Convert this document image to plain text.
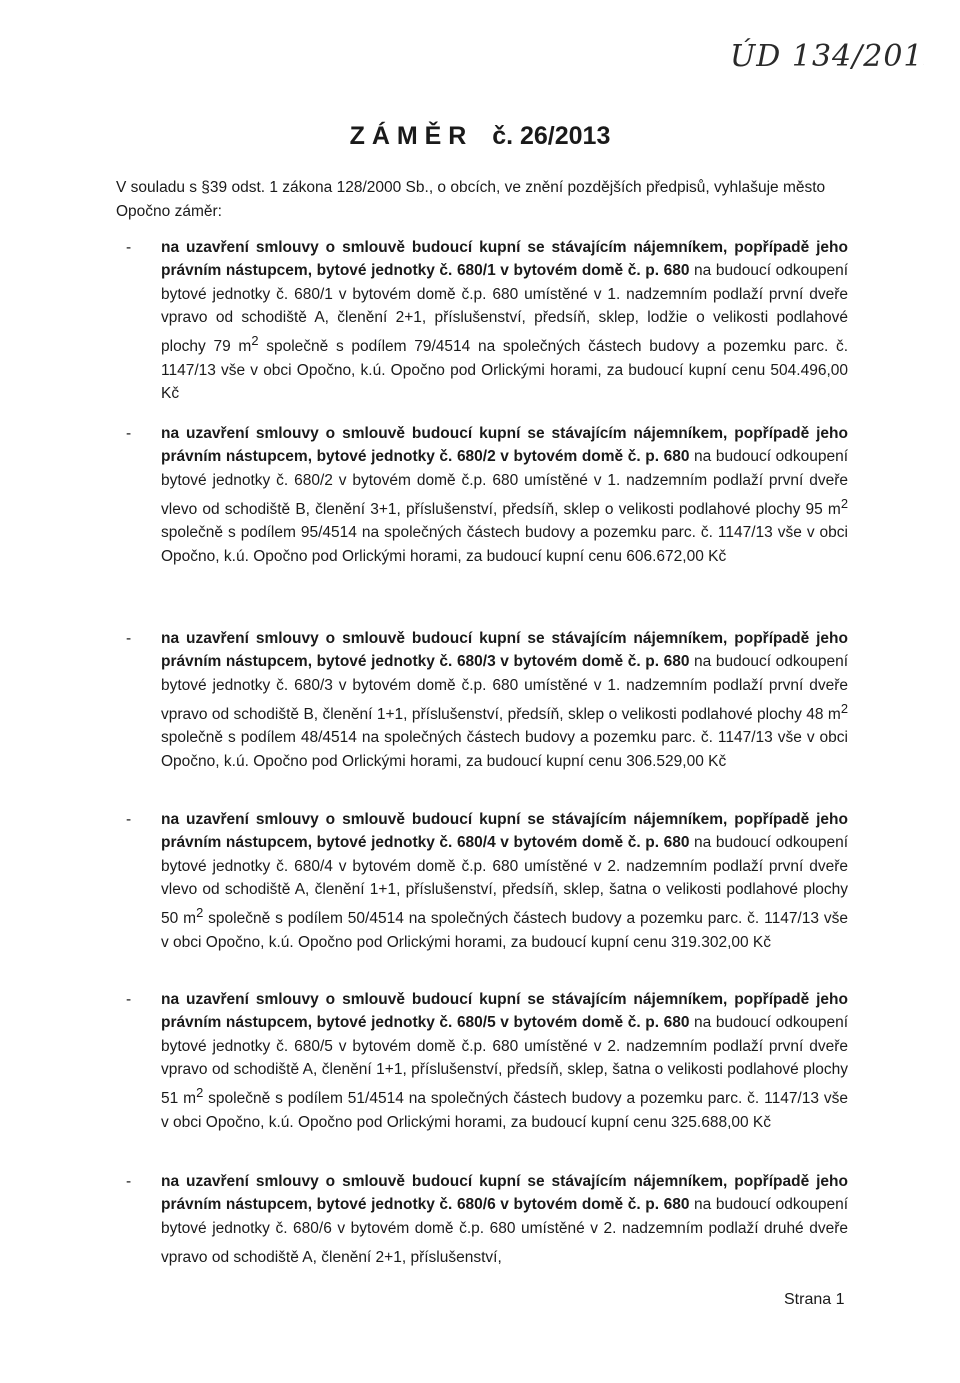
ÚD 134/2013
Z Á M Ě R č. 26/2013

V souladu s §39 odst. 1 zákona 128/2000 Sb., o obcích, ve znění pozdějších předpisů, vyhlašuje město Opočno záměr:

- na uzavření smlouvy o smlouvě budoucí kupní se stávajícím nájemníkem, popřípadě jeho právním nástupcem, bytové jednotky č. 680/1 v bytovém domě č. p. 680 na budoucí odkoupení bytové jednotky č. 680/1 v bytovém domě č.p. 680 umístěné v 1. nadzemním podlaží první dveře vpravo od schodiště A, členění 2+1, příslušenství, předsíň, sklep, lodžie o velikosti podlahové plochy 79 $m^2$ společně s podílem 79/4514 na společných částech budovy a pozemku parc. č. 1147/13 vše v obci Opočno, k.ú. Opočno pod Orlickými horami, za budoucí kupní cenu 504.496,00 Kč
- na uzavření smlouvy o smlouvě budoucí kupní se stávajícím nájemníkem, popřípadě jeho právním nástupcem, bytové jednotky č. 680/2 v bytovém domě č. p. 680 na budoucí odkoupení bytové jednotky č. 680/2 v bytovém domě č.p. 680 umístěné v 1. nadzemním podlaží první dveře vlevo od schodiště B, členění 3+1, příslušenství, předsíň, sklep o velikosti podlahové plochy 95 $m^2$ společně s podílem 95/4514 na společných částech budovy a pozemku parc. č. 1147/13 vše v obci Opočno, k.ú. Opočno pod Orlickými horami, za budoucí kupní cenu 606.672,00 Kč
- na uzavření smlouvy o smlouvě budoucí kupní se stávajícím nájemníkem, popřípadě jeho právním nástupcem, bytové jednotky č. 680/3 v bytovém domě č. p. 680 na budoucí odkoupení bytové jednotky č. 680/3 v bytovém domě č.p. 680 umístěné v 1. nadzemním podlaží první dveře vpravo od schodiště B, členění 1+1, příslušenství, předsíň, sklep o velikosti podlahové plochy 48 $m^2$ společně s podílem 48/4514 na společných částech budovy a pozemku parc. č. 1147/13 vše v obci Opočno, k.ú. Opočno pod Orlickými horami, za budoucí kupní cenu 306.529,00 Kč
- na uzavření smlouvy o smlouvě budoucí kupní se stávajícím nájemníkem, popřípadě jeho právním nástupcem, bytové jednotky č. 680/4 v bytovém domě č. p. 680 na budoucí odkoupení bytové jednotky č. 680/4 v bytovém domě č.p. 680 umístěné v 2. nadzemním podlaží první dveře vlevo od schodiště A, členění 1+1, příslušenství, předsíň, sklep, šatna o velikosti podlahové plochy 50 $m^2$ společně s podílem 50/4514 na společných částech budovy a pozemku parc. č. 1147/13 vše v obci Opočno, k.ú. Opočno pod Orlickými horami, za budoucí kupní cenu 319.302,00 Kč
- na uzavření smlouvy o smlouvě budoucí kupní se stávajícím nájemníkem, popřípadě jeho právním nástupcem, bytové jednotky č. 680/5 v bytovém domě č. p. 680 na budoucí odkoupení bytové jednotky č. 680/5 v bytovém domě č.p. 680 umístěné v 2. nadzemním podlaží první dveře vpravo od schodiště A, členění 1+1, příslušenství, předsíň, sklep, šatna o velikosti podlahové plochy 51 $m^2$ společně s podílem 51/4514 na společných částech budovy a pozemku parc. č. 1147/13 vše v obci Opočno, k.ú. Opočno pod Orlickými horami, za budoucí kupní cenu 325.688,00 Kč
- na uzavření smlouvy o smlouvě budoucí kupní se stávajícím nájemníkem, popřípadě jeho právním nástupcem, bytové jednotky č. 680/6 v bytovém domě č. p. 680 na budoucí odkoupení bytové jednotky č. 680/6 v bytovém domě č.p. 680 umístěné v 2. nadzemním podlaží druhé dveře vpravo od schodiště A, členění 2+1, příslušenství,

Strana 1
